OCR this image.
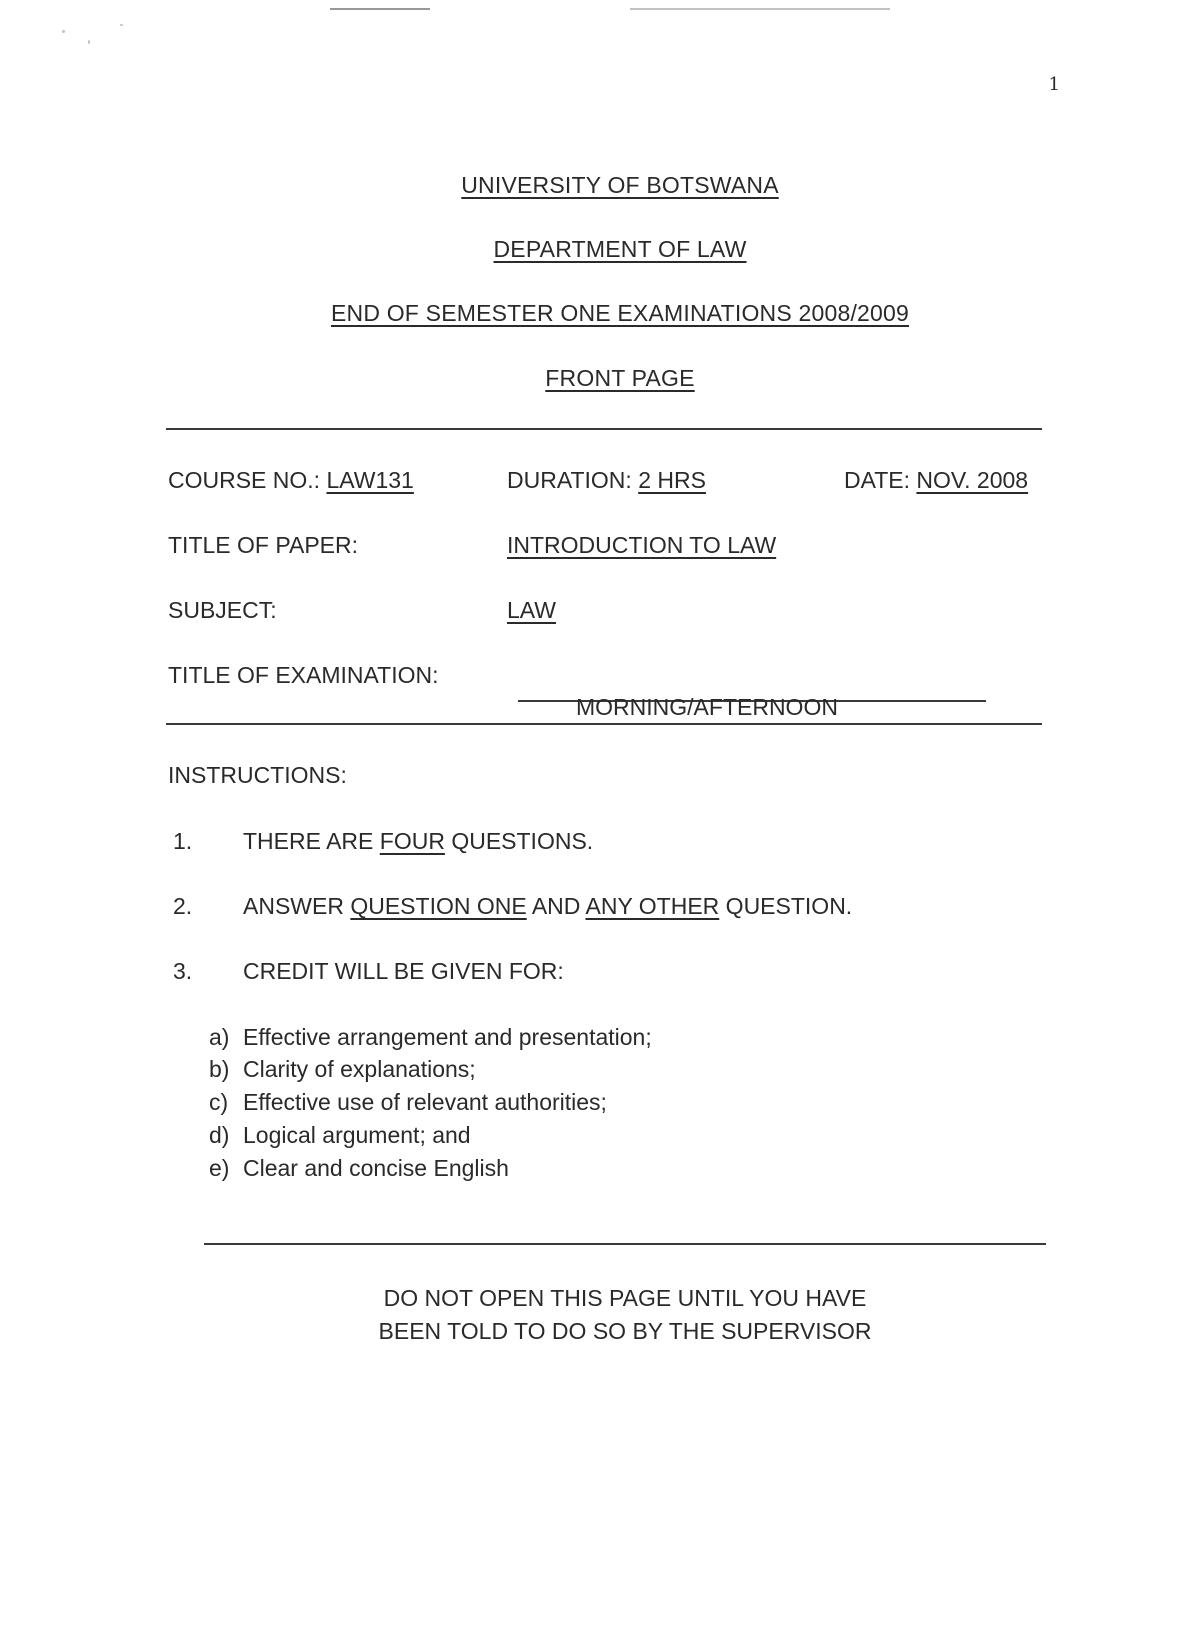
1
UNIVERSITY OF BOTSWANA
DEPARTMENT OF LAW
END OF SEMESTER ONE EXAMINATIONS 2008/2009
FRONT PAGE
COURSE NO.: LAW131	DURATION: 2 HRS	DATE: NOV. 2008
TITLE OF PAPER:	INTRODUCTION TO LAW
SUBJECT:	LAW
TITLE OF EXAMINATION:
MORNING/AFTERNOON
INSTRUCTIONS:
1. THERE ARE FOUR QUESTIONS.
2. ANSWER QUESTION ONE AND ANY OTHER QUESTION.
3. CREDIT WILL BE GIVEN FOR:
a) Effective arrangement and presentation;
b) Clarity of explanations;
c) Effective use of relevant authorities;
d) Logical argument; and
e) Clear and concise English
DO NOT OPEN THIS PAGE UNTIL YOU HAVE
BEEN TOLD TO DO SO BY THE SUPERVISOR
